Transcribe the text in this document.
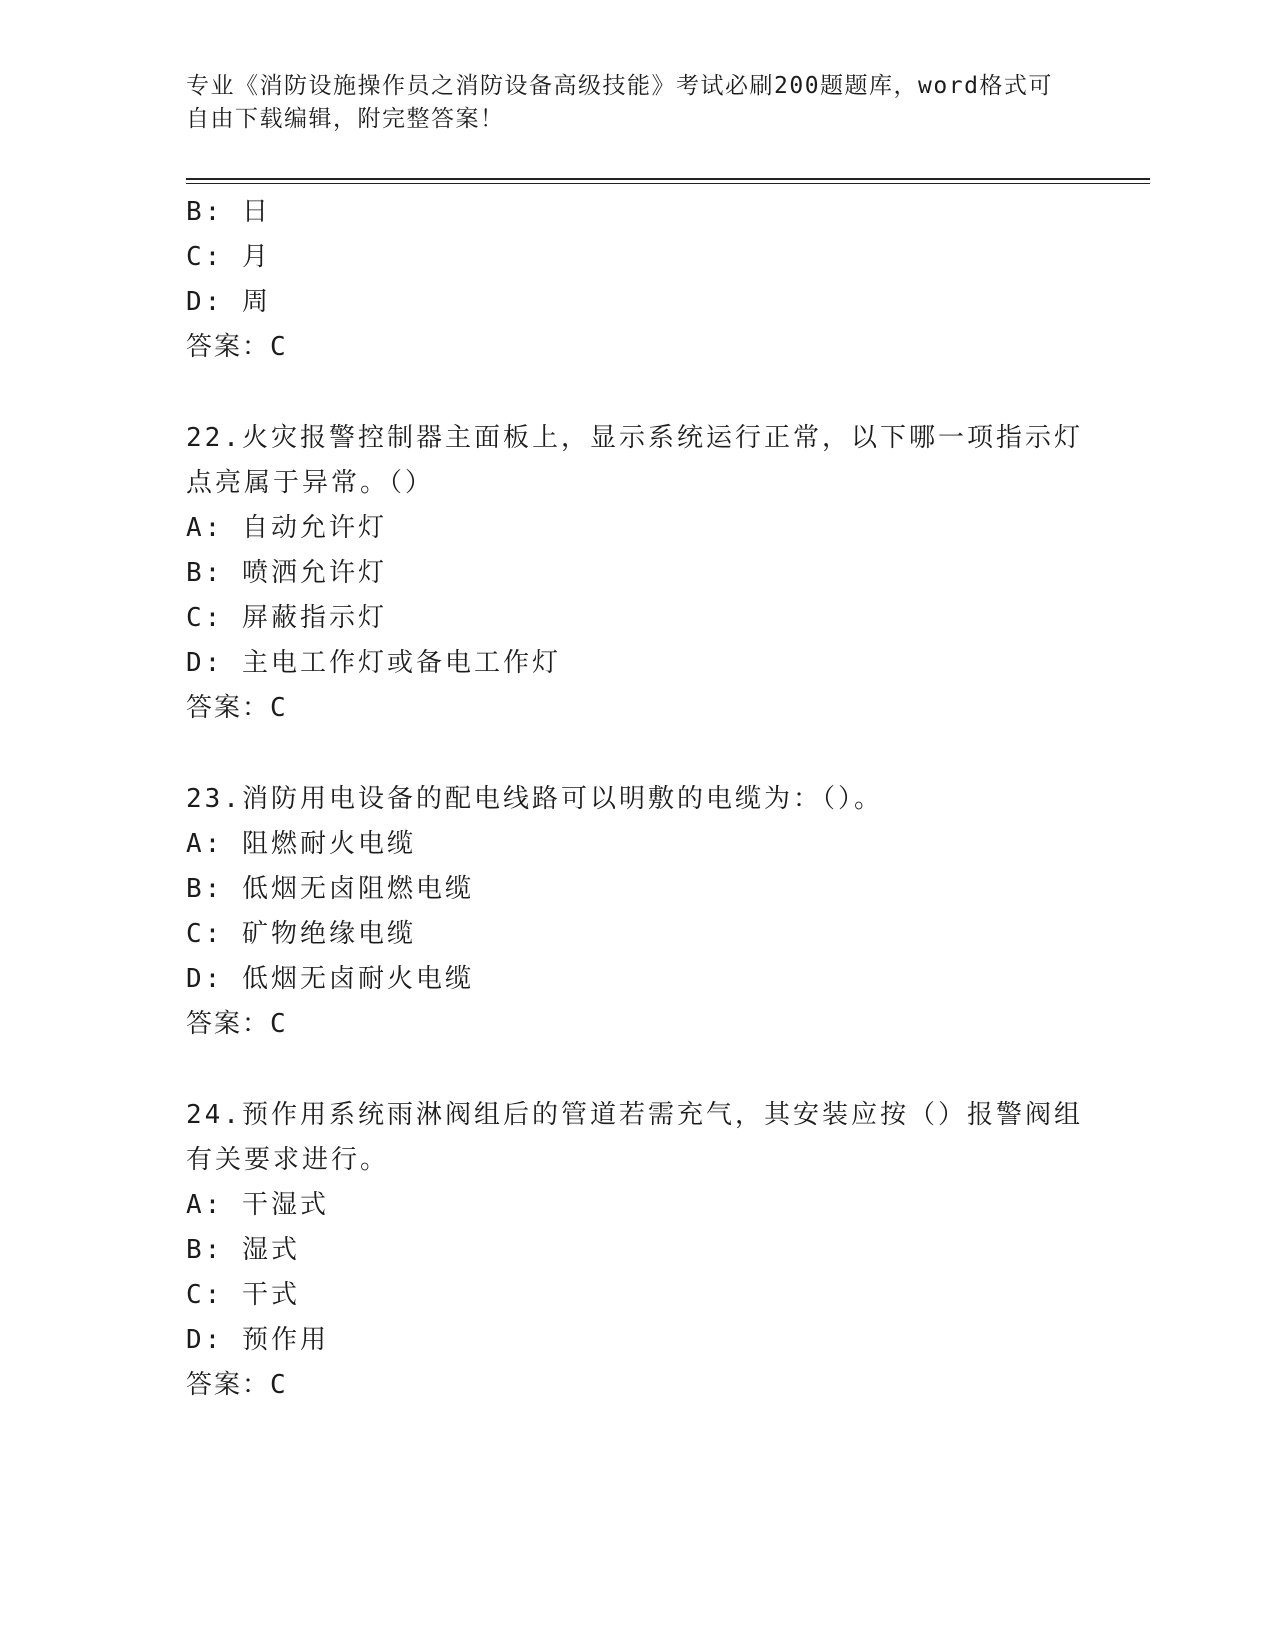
专业《消防设施操作员之消防设备高级技能》考试必刷200题题库，word格式可
自由下载编辑，附完整答案！
B: 日
C: 月
D: 周
答案：C
22.火灾报警控制器主面板上，显示系统运行正常，以下哪一项指示灯
点亮属于异常。（）
A: 自动允许灯
B: 喷洒允许灯
C: 屏蔽指示灯
D: 主电工作灯或备电工作灯
答案：C
23.消防用电设备的配电线路可以明敷的电缆为：（）。
A: 阻燃耐火电缆
B: 低烟无卤阻燃电缆
C: 矿物绝缘电缆
D: 低烟无卤耐火电缆
答案：C
24.预作用系统雨淋阀组后的管道若需充气，其安装应按（）报警阀组
有关要求进行。
A: 干湿式
B: 湿式
C: 干式
D: 预作用
答案：C
